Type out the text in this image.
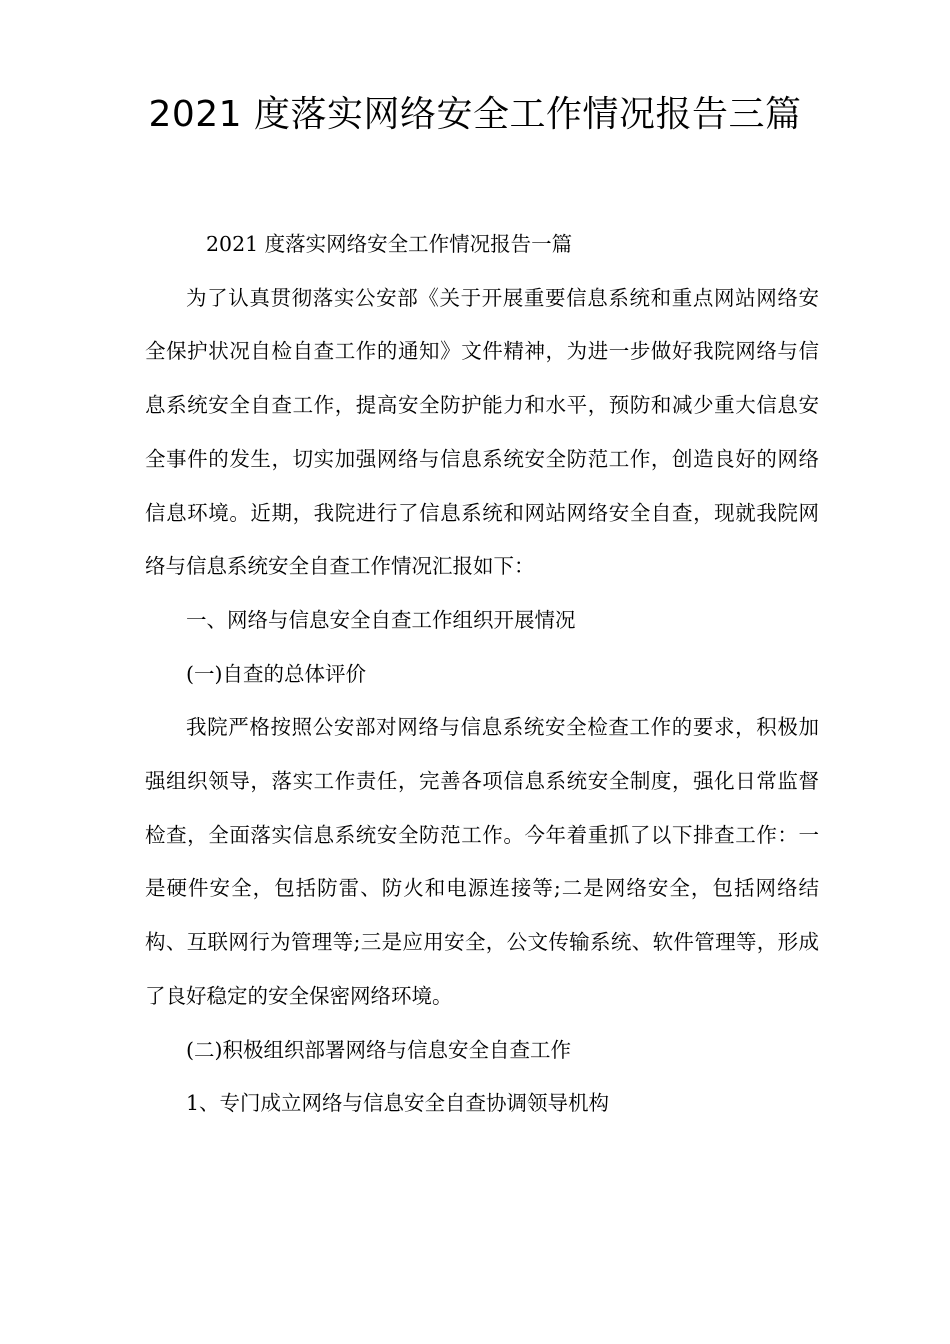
2021 度落实网络安全工作情况报告三篇

2021 度落实网络安全工作情况报告一篇

为了认真贯彻落实公安部《关于开展重要信息系统和重点网站网络安全保护状况自检自查工作的通知》文件精神，为进一步做好我院网络与信息系统安全自查工作，提高安全防护能力和水平，预防和减少重大信息安全事件的发生，切实加强网络与信息系统安全防范工作，创造良好的网络信息环境。近期，我院进行了信息系统和网站网络安全自查，现就我院网络与信息系统安全自查工作情况汇报如下：

一、网络与信息安全自查工作组织开展情况

(一)自查的总体评价

我院严格按照公安部对网络与信息系统安全检查工作的要求，积极加强组织领导，落实工作责任，完善各项信息系统安全制度，强化日常监督检查，全面落实信息系统安全防范工作。今年着重抓了以下排查工作：一是硬件安全，包括防雷、防火和电源连接等;二是网络安全，包括网络结构、互联网行为管理等;三是应用安全，公文传输系统、软件管理等，形成了良好稳定的安全保密网络环境。

(二)积极组织部署网络与信息安全自查工作

1、专门成立网络与信息安全自查协调领导机构
